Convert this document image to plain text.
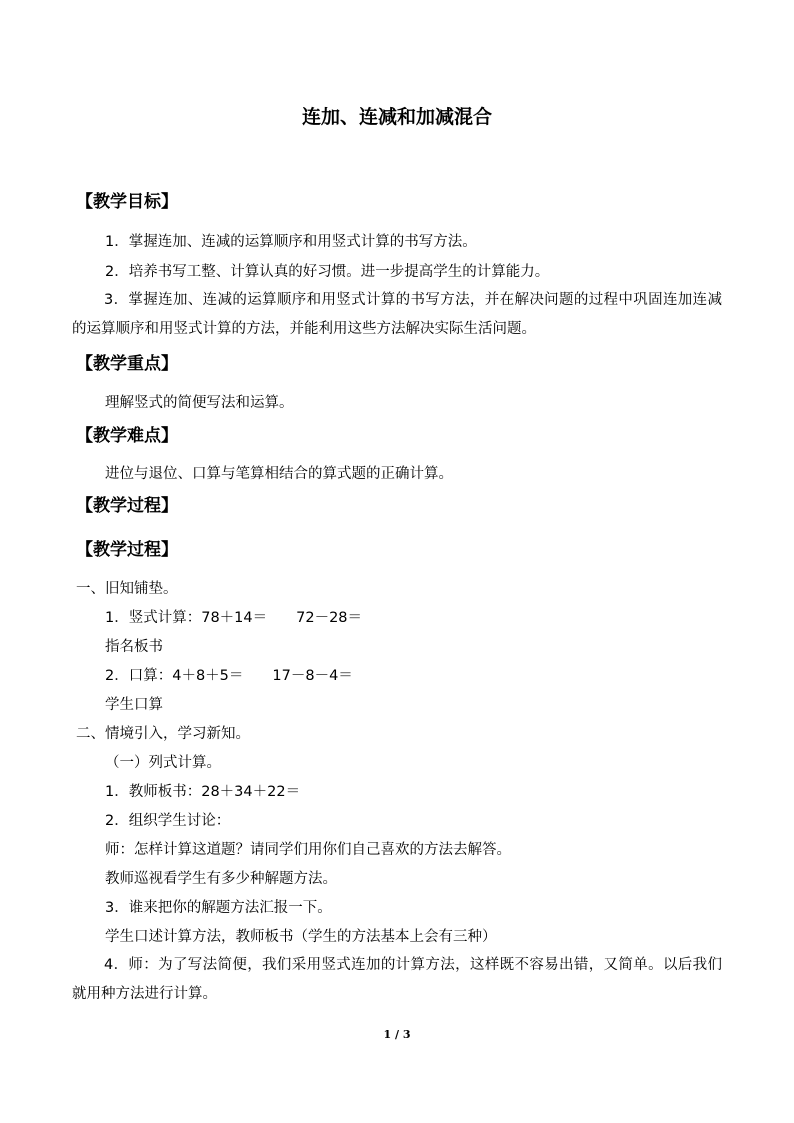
连加、连减和加减混合
【教学目标】
1．掌握连加、连减的运算顺序和用竖式计算的书写方法。
2．培养书写工整、计算认真的好习惯。进一步提高学生的计算能力。
3．掌握连加、连减的运算顺序和用竖式计算的书写方法，并在解决问题的过程中巩固连加连减的运算顺序和用竖式计算的方法，并能利用这些方法解决实际生活问题。
【教学重点】
理解竖式的简便写法和运算。
【教学难点】
进位与退位、口算与笔算相结合的算式题的正确计算。
【教学过程】
【教学过程】
一、旧知铺垫。
1．竖式计算：78＋14＝　　72－28＝
指名板书
2．口算：4＋8＋5＝　　17－8－4＝
学生口算
二、情境引入，学习新知。
（一）列式计算。
1．教师板书：28＋34＋22＝
2．组织学生讨论：
师：怎样计算这道题？请同学们用你们自己喜欢的方法去解答。
教师巡视看学生有多少种解题方法。
3．谁来把你的解题方法汇报一下。
学生口述计算方法，教师板书（学生的方法基本上会有三种）
4．师：为了写法简便，我们采用竖式连加的计算方法，这样既不容易出错，又简单。以后我们就用种方法进行计算。
1 / 3
